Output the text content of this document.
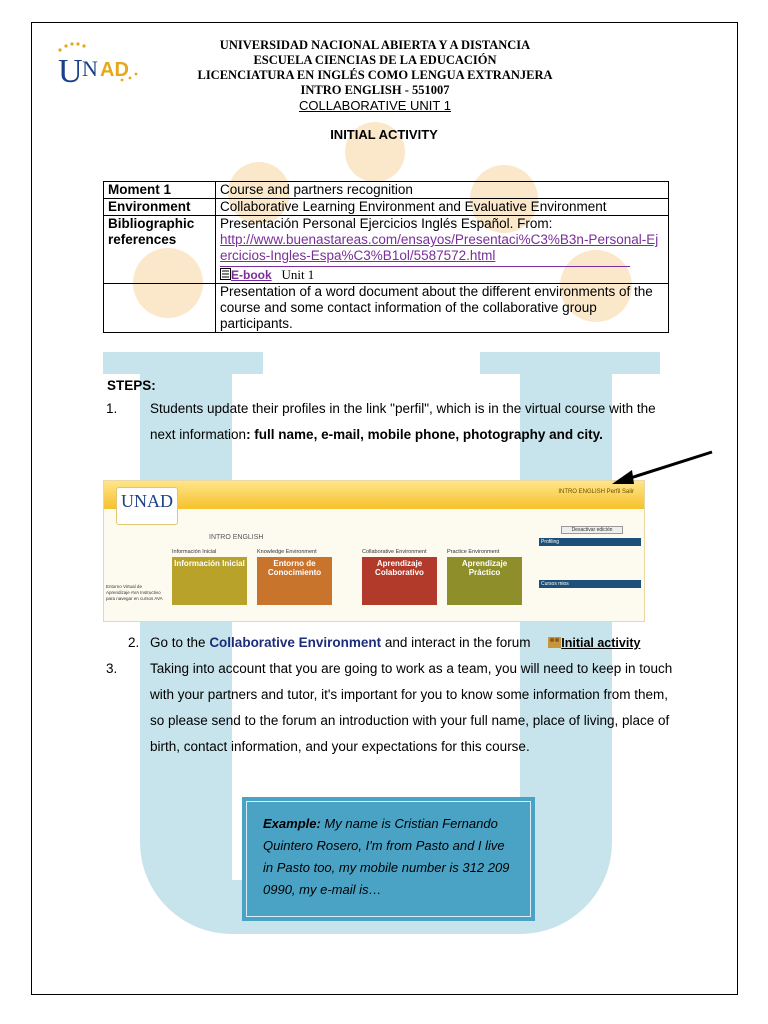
U N AD
UNIVERSIDAD NACIONAL ABIERTA Y A DISTANCIA
ESCUELA CIENCIAS DE LA EDUCACIÓN
LICENCIATURA EN INGLÉS COMO LENGUA EXTRANJERA
INTRO ENGLISH - 551007
COLLABORATIVE UNIT 1
INITIAL ACTIVITY
Moment 1	Course and partners recognition
Environment	Collaborative Learning Environment and Evaluative Environment
Bibliographic references	Presentación Personal Ejercicios Inglés Español. From:
http://www.buenastareas.com/ensayos/Presentaci%C3%B3n-Personal-Ejercicios-Ingles-Espa%C3%B1ol/5587572.html
E-book Unit 1
	Presentation of a word document about the different environments of the course and some contact information of the collaborative group participants.
STEPS:
1. Students update their profiles in the link "perfil", which is in the virtual course with the next information: full name, e-mail, mobile phone, photography and city.
UNAD	INTRO ENGLISH Perfil Salir
INTRO ENGLISH
Entorno Virtual de Aprendizaje AVA Instructivo para navegar en cursos AVA
Información Inicial
Información Inicial
Knowledge Environment
Entorno de Conocimiento
Collaborative Environment
Aprendizaje Colaborativo
Practice Environment
Aprendizaje Práctico
Desactivar edición
Profiling
Cursos mios
2. Go to the Collaborative Environment and interact in the forum Initial activity
3. Taking into account that you are going to work as a team, you will need to keep in touch with your partners and tutor, it's important for you to know some information from them, so please send to the forum an introduction with your full name, place of living, place of birth, contact information, and your expectations for this course.
Example: My name is Cristian Fernando Quintero Rosero, I'm from Pasto and I live in Pasto too, my mobile number is 312 209 0990, my e-mail is…
